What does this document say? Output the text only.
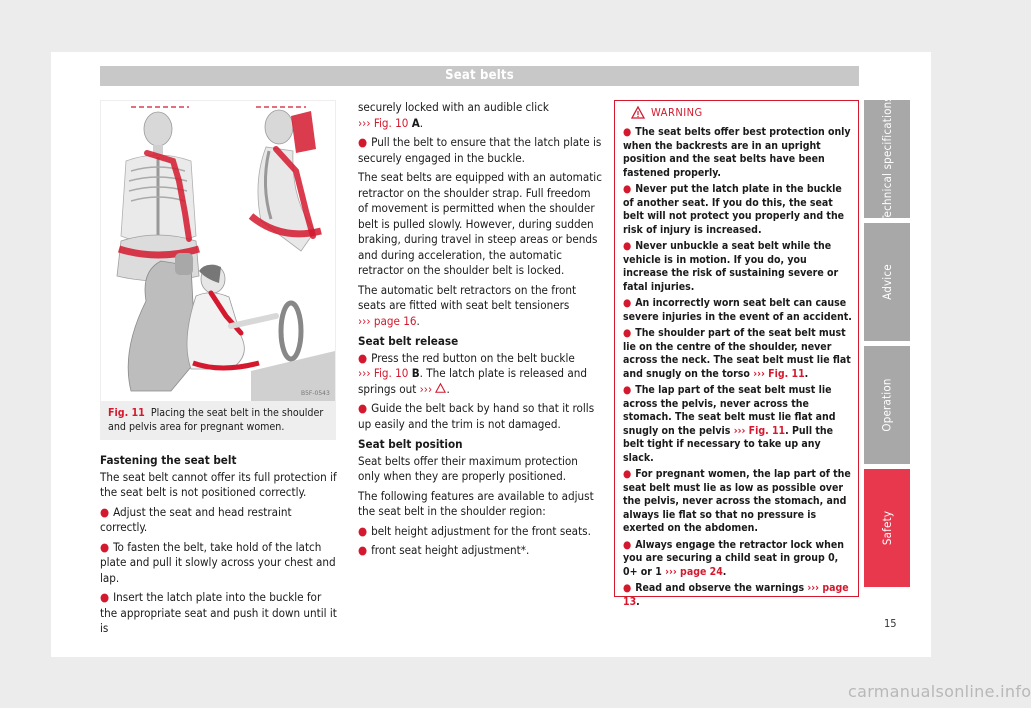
Seat belts
B5F-0543
Fig. 11 Placing the seat belt in the shoulder and pelvis area for pregnant women.
Fastening the seat belt

The seat belt cannot offer its full protection if the seat belt is not positioned correctly.

● Adjust the seat and head restraint correctly.

● To fasten the belt, take hold of the latch plate and pull it slowly across your chest and lap.

● Insert the latch plate into the buckle for the appropriate seat and push it down until it is

securely locked with an audible click
››› Fig. 10 A.

● Pull the belt to ensure that the latch plate is securely engaged in the buckle.

The seat belts are equipped with an automatic retractor on the shoulder strap. Full freedom of movement is permitted when the shoulder belt is pulled slowly. However, during sudden braking, during travel in steep areas or bends and during acceleration, the automatic retractor on the shoulder belt is locked.

The automatic belt retractors on the front seats are fitted with seat belt tensioners
››› page 16.

Seat belt release

● Press the red button on the belt buckle
››› Fig. 10 B. The latch plate is released and springs out ››› .

● Guide the belt back by hand so that it rolls up easily and the trim is not damaged.

Seat belt position

Seat belts offer their maximum protection only when they are properly positioned.

The following features are available to adjust the seat belt in the shoulder region:

● belt height adjustment for the front seats.

● front seat height adjustment*.

WARNING

● The seat belts offer best protection only when the backrests are in an upright position and the seat belts have been fastened properly.

● Never put the latch plate in the buckle of another seat. If you do this, the seat belt will not protect you properly and the risk of injury is increased.

● Never unbuckle a seat belt while the vehicle is in motion. If you do, you increase the risk of sustaining severe or fatal injuries.

● An incorrectly worn seat belt can cause severe injuries in the event of an accident.

● The shoulder part of the seat belt must lie on the centre of the shoulder, never across the neck. The seat belt must lie flat and snugly on the torso ››› Fig. 11.

● The lap part of the seat belt must lie across the pelvis, never across the stomach. The seat belt must lie flat and snugly on the pelvis ››› Fig. 11. Pull the belt tight if necessary to take up any slack.

● For pregnant women, the lap part of the seat belt must lie as low as possible over the pelvis, never across the stomach, and always lie flat so that no pressure is exerted on the abdomen.

● Always engage the retractor lock when you are securing a child seat in group 0, 0+ or 1 ››› page 24.

● Read and observe the warnings ››› page 13.

Technical specifications
Advice
Operation
Safety
15
carmanualsonline.info
